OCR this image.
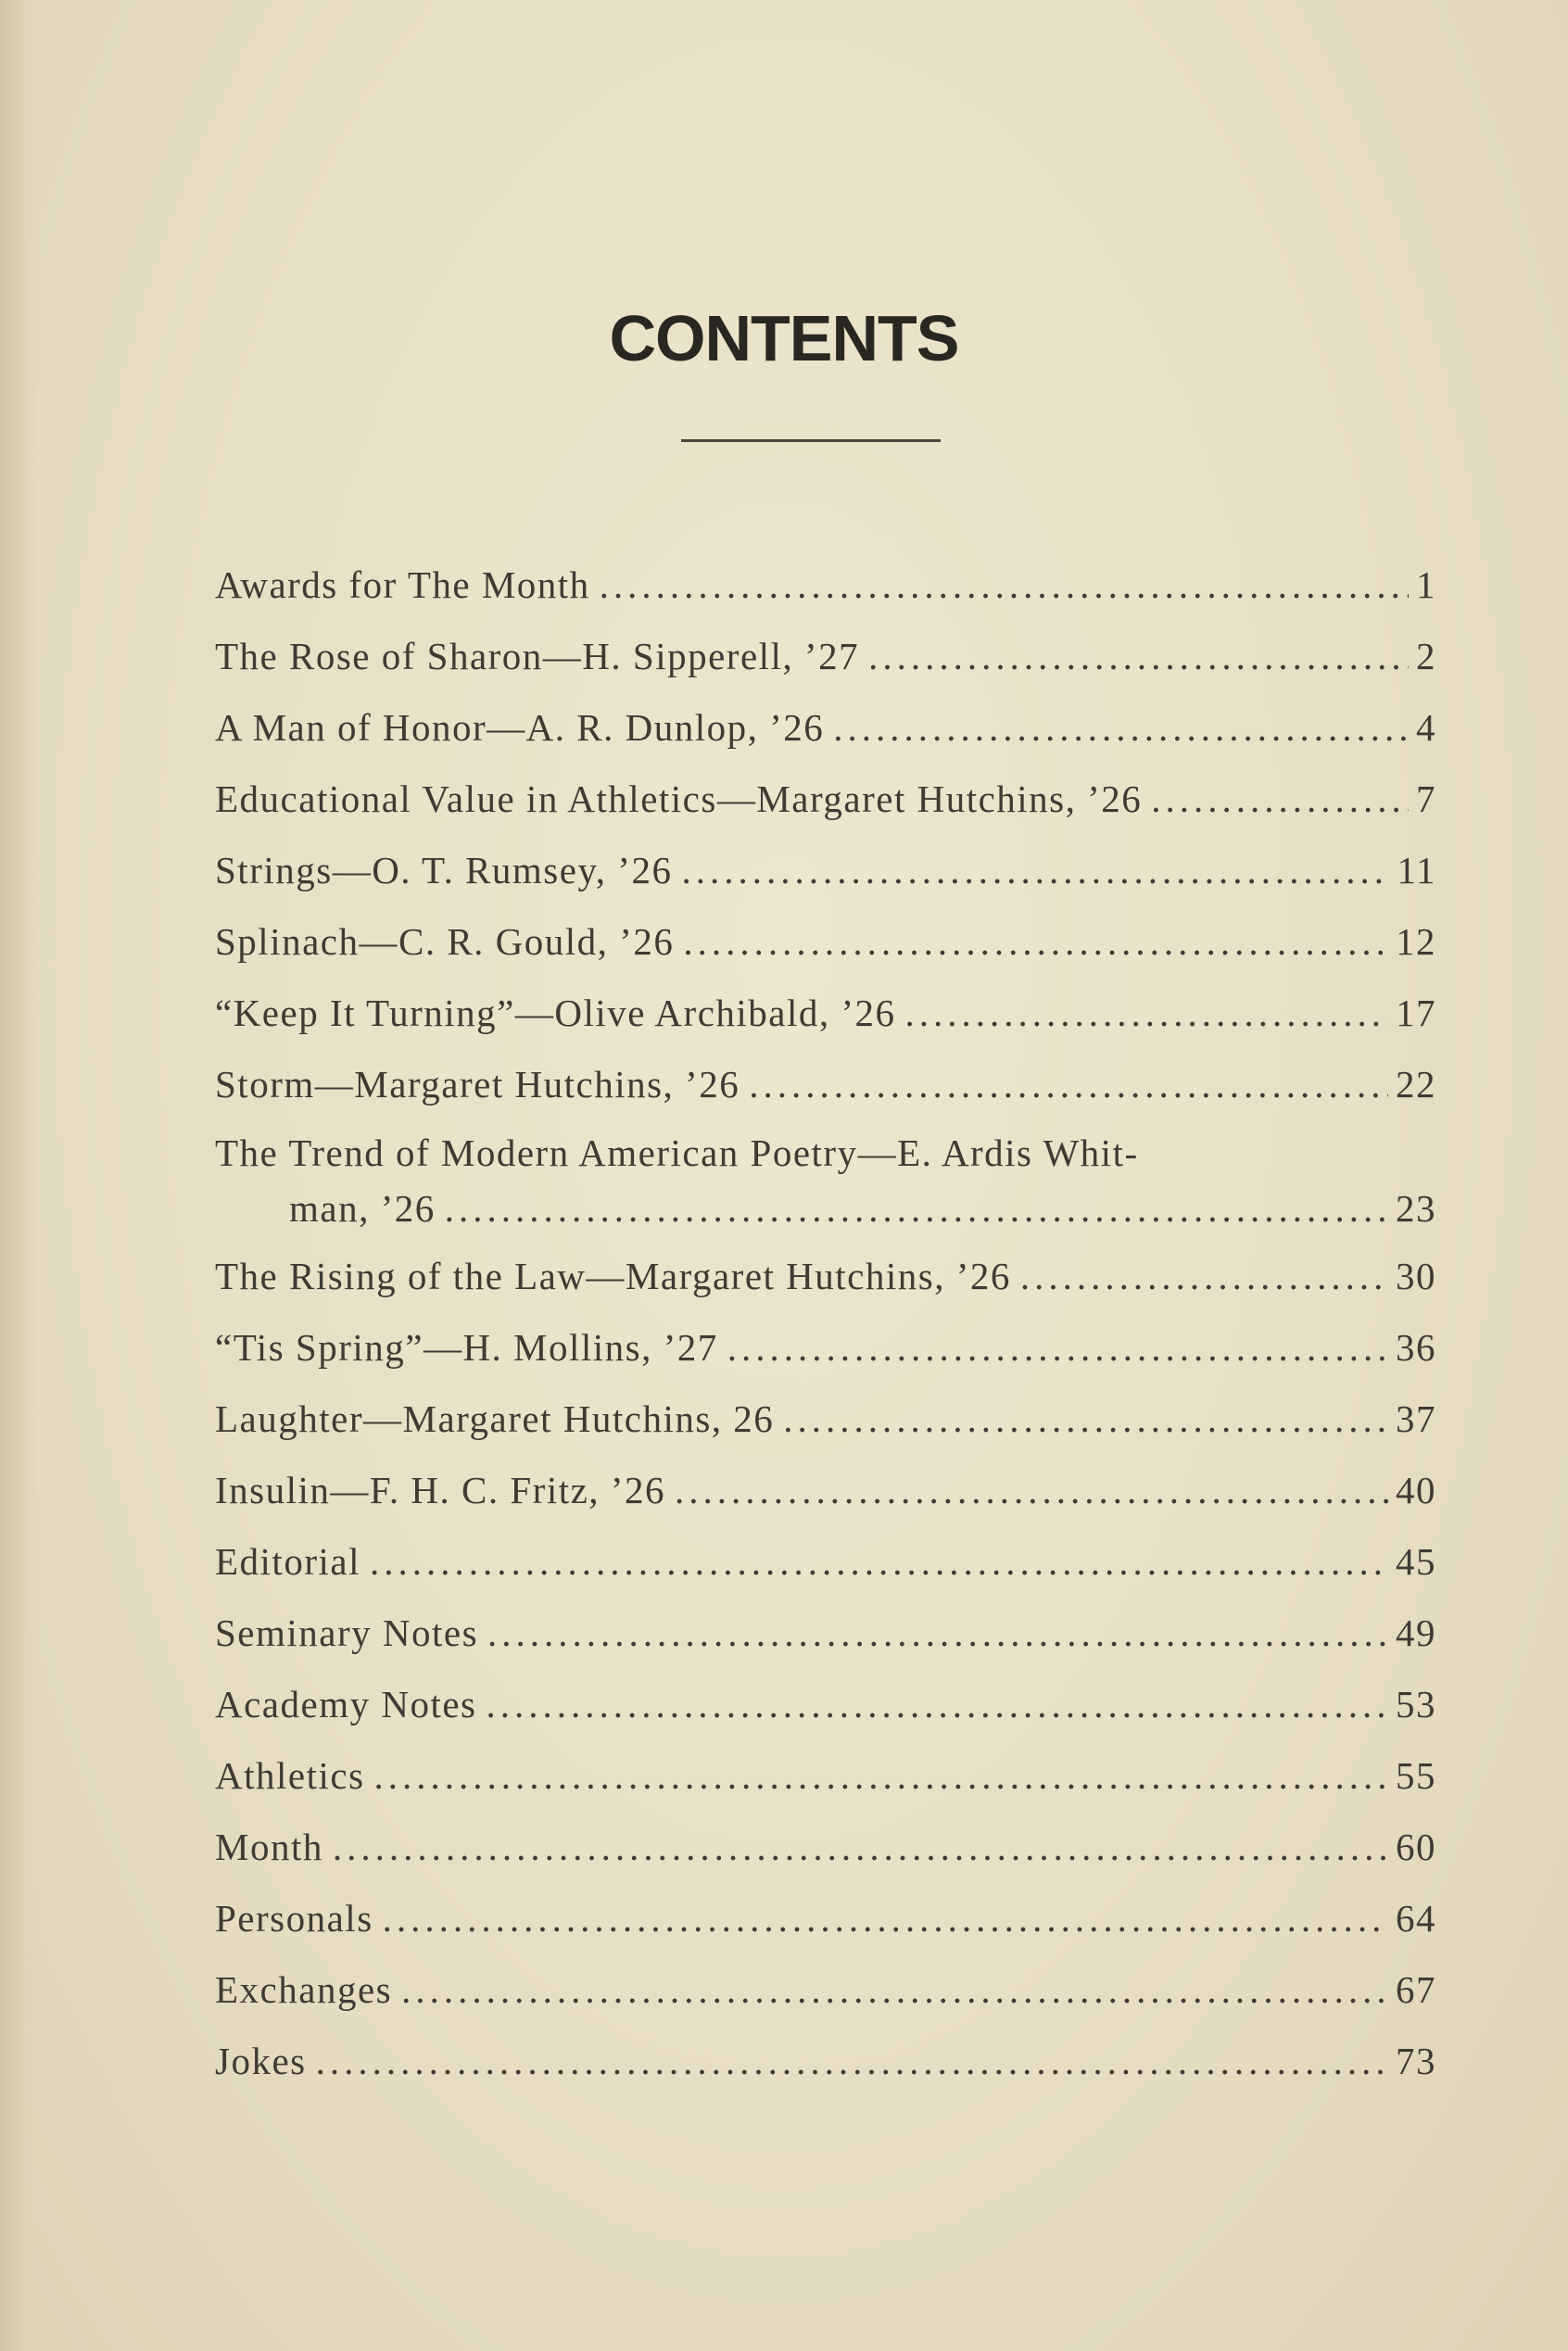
CONTENTS
Awards for The Month .....	1
The Rose of Sharon—H. Sipperell, ’27 .....	2
A Man of Honor—A. R. Dunlop, ’26 .....	4
Educational Value in Athletics—Margaret Hutchins, ’26 .....	7
Strings—O. T. Rumsey, ’26 .....	11
Splinach—C. R. Gould, ’26 .....	12
“Keep It Turning”—Olive Archibald, ’26 .....	17
Storm—Margaret Hutchins, ’26 .....	22
The Trend of Modern American Poetry—E. Ardis Whit-
man, ’26 .....	23
The Rising of the Law—Margaret Hutchins, ’26 .....	30
“Tis Spring”—H. Mollins, ’27 .....	36
Laughter—Margaret Hutchins, 26 .....	37
Insulin—F. H. C. Fritz, ’26 .....	40
Editorial .....	45
Seminary Notes .....	49
Academy Notes .....	53
Athletics .....	55
Month .....	60
Personals .....	64
Exchanges .....	67
Jokes .....	73
